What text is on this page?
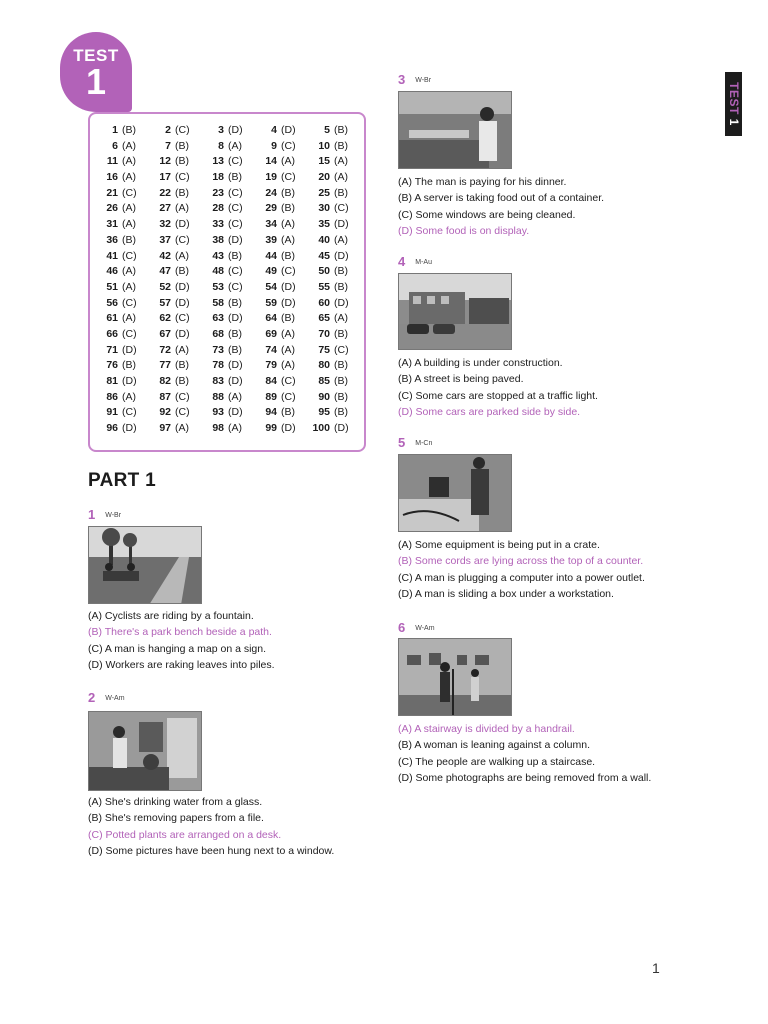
TEST
1	TEST 1
1 (B)	2 (C)	3 (D)	4 (D)	5 (B)
6 (A)	7 (B)	8 (A)	9 (C)	10 (B)
11 (A)	12 (B)	13 (C)	14 (A)	15 (A)
16 (A)	17 (C)	18 (B)	19 (C)	20 (A)
21 (C)	22 (B)	23 (C)	24 (B)	25 (B)
26 (A)	27 (A)	28 (C)	29 (B)	30 (C)
31 (A)	32 (D)	33 (C)	34 (A)	35 (D)
36 (B)	37 (C)	38 (D)	39 (A)	40 (A)
41 (C)	42 (A)	43 (B)	44 (B)	45 (D)
46 (A)	47 (B)	48 (C)	49 (C)	50 (B)
51 (A)	52 (D)	53 (C)	54 (D)	55 (B)
56 (C)	57 (D)	58 (B)	59 (D)	60 (D)
61 (A)	62 (C)	63 (D)	64 (B)	65 (A)
66 (C)	67 (D)	68 (B)	69 (A)	70 (B)
71 (D)	72 (A)	73 (B)	74 (A)	75 (C)
76 (B)	77 (B)	78 (D)	79 (A)	80 (B)
81 (D)	82 (B)	83 (D)	84 (C)	85 (B)
86 (A)	87 (C)	88 (A)	89 (C)	90 (B)
91 (C)	92 (C)	93 (D)	94 (B)	95 (B)
96 (D)	97 (A)	98 (A)	99 (D)	100 (D)
PART 1
1 W-Br
(A) Cyclists are riding by a fountain.
(B) There's a park bench beside a path.
(C) A man is hanging a map on a sign.
(D) Workers are raking leaves into piles.
2 W-Am
(A) She's drinking water from a glass.
(B) She's removing papers from a file.
(C) Potted plants are arranged on a desk.
(D) Some pictures have been hung next to a window.
3 W-Br
(A) The man is paying for his dinner.
(B) A server is taking food out of a container.
(C) Some windows are being cleaned.
(D) Some food is on display.
4 M-Au
(A) A building is under construction.
(B) A street is being paved.
(C) Some cars are stopped at a traffic light.
(D) Some cars are parked side by side.
5 M-Cn
(A) Some equipment is being put in a crate.
(B) Some cords are lying across the top of a counter.
(C) A man is plugging a computer into a power outlet.
(D) A man is sliding a box under a workstation.
6 W-Am
(A) A stairway is divided by a handrail.
(B) A woman is leaning against a column.
(C) The people are walking up a staircase.
(D) Some photographs are being removed from a wall.
1
